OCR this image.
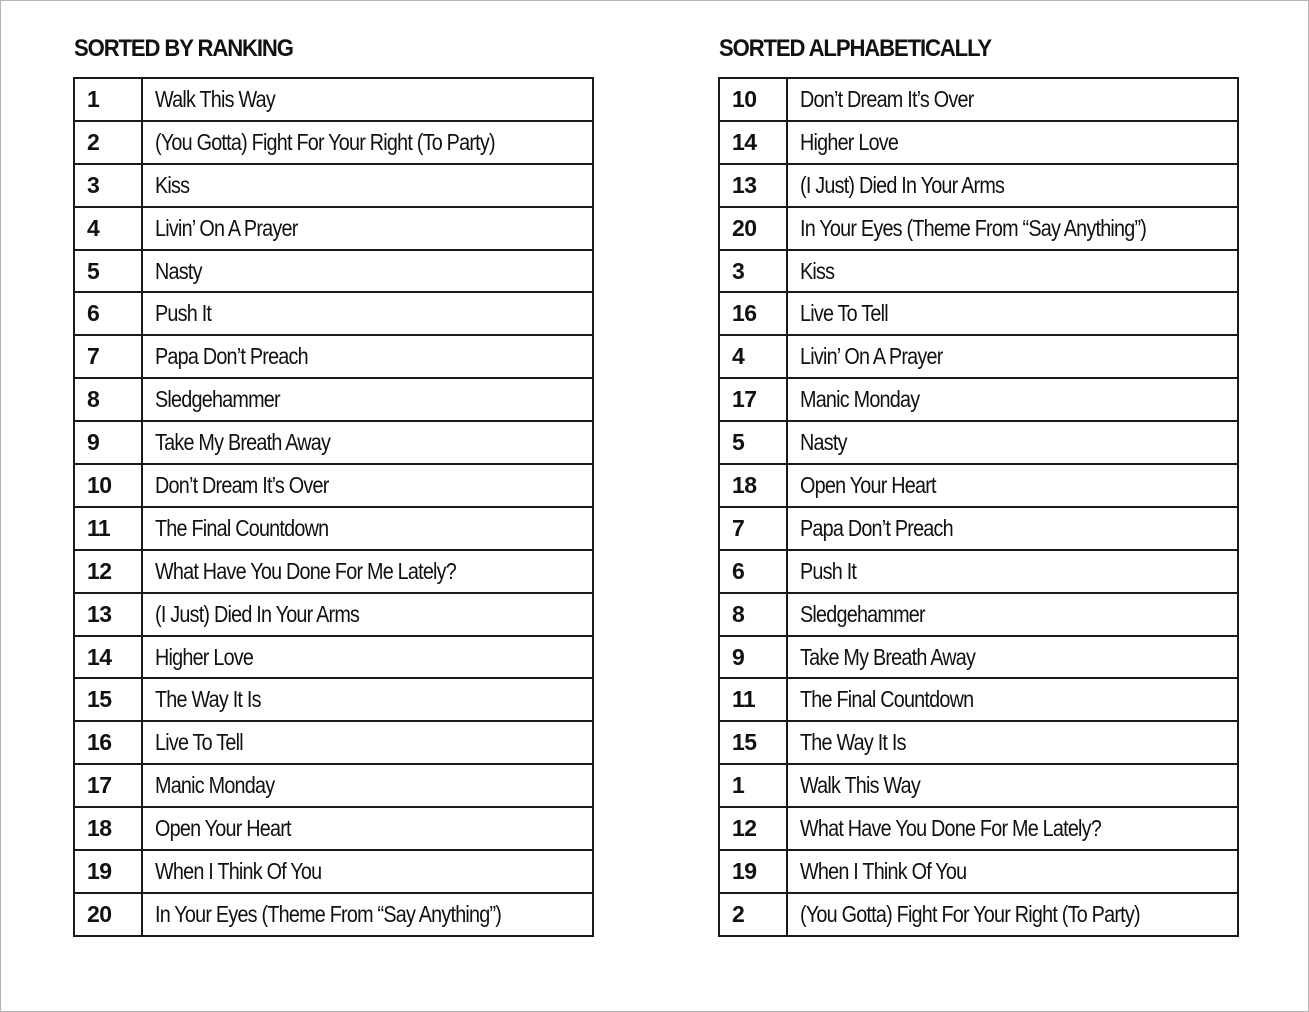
SORTED BY RANKING
1	Walk This Way
2	(You Gotta) Fight For Your Right (To Party)
3	Kiss
4	Livin’ On A Prayer
5	Nasty
6	Push It
7	Papa Don’t Preach
8	Sledgehammer
9	Take My Breath Away
10	Don’t Dream It’s Over
11	The Final Countdown
12	What Have You Done For Me Lately?
13	(I Just) Died In Your Arms
14	Higher Love
15	The Way It Is
16	Live To Tell
17	Manic Monday
18	Open Your Heart
19	When I Think Of You
20	In Your Eyes (Theme From “Say Anything”)
SORTED ALPHABETICALLY
10	Don’t Dream It’s Over
14	Higher Love
13	(I Just) Died In Your Arms
20	In Your Eyes (Theme From “Say Anything”)
3	Kiss
16	Live To Tell
4	Livin’ On A Prayer
17	Manic Monday
5	Nasty
18	Open Your Heart
7	Papa Don’t Preach
6	Push It
8	Sledgehammer
9	Take My Breath Away
11	The Final Countdown
15	The Way It Is
1	Walk This Way
12	What Have You Done For Me Lately?
19	When I Think Of You
2	(You Gotta) Fight For Your Right (To Party)
